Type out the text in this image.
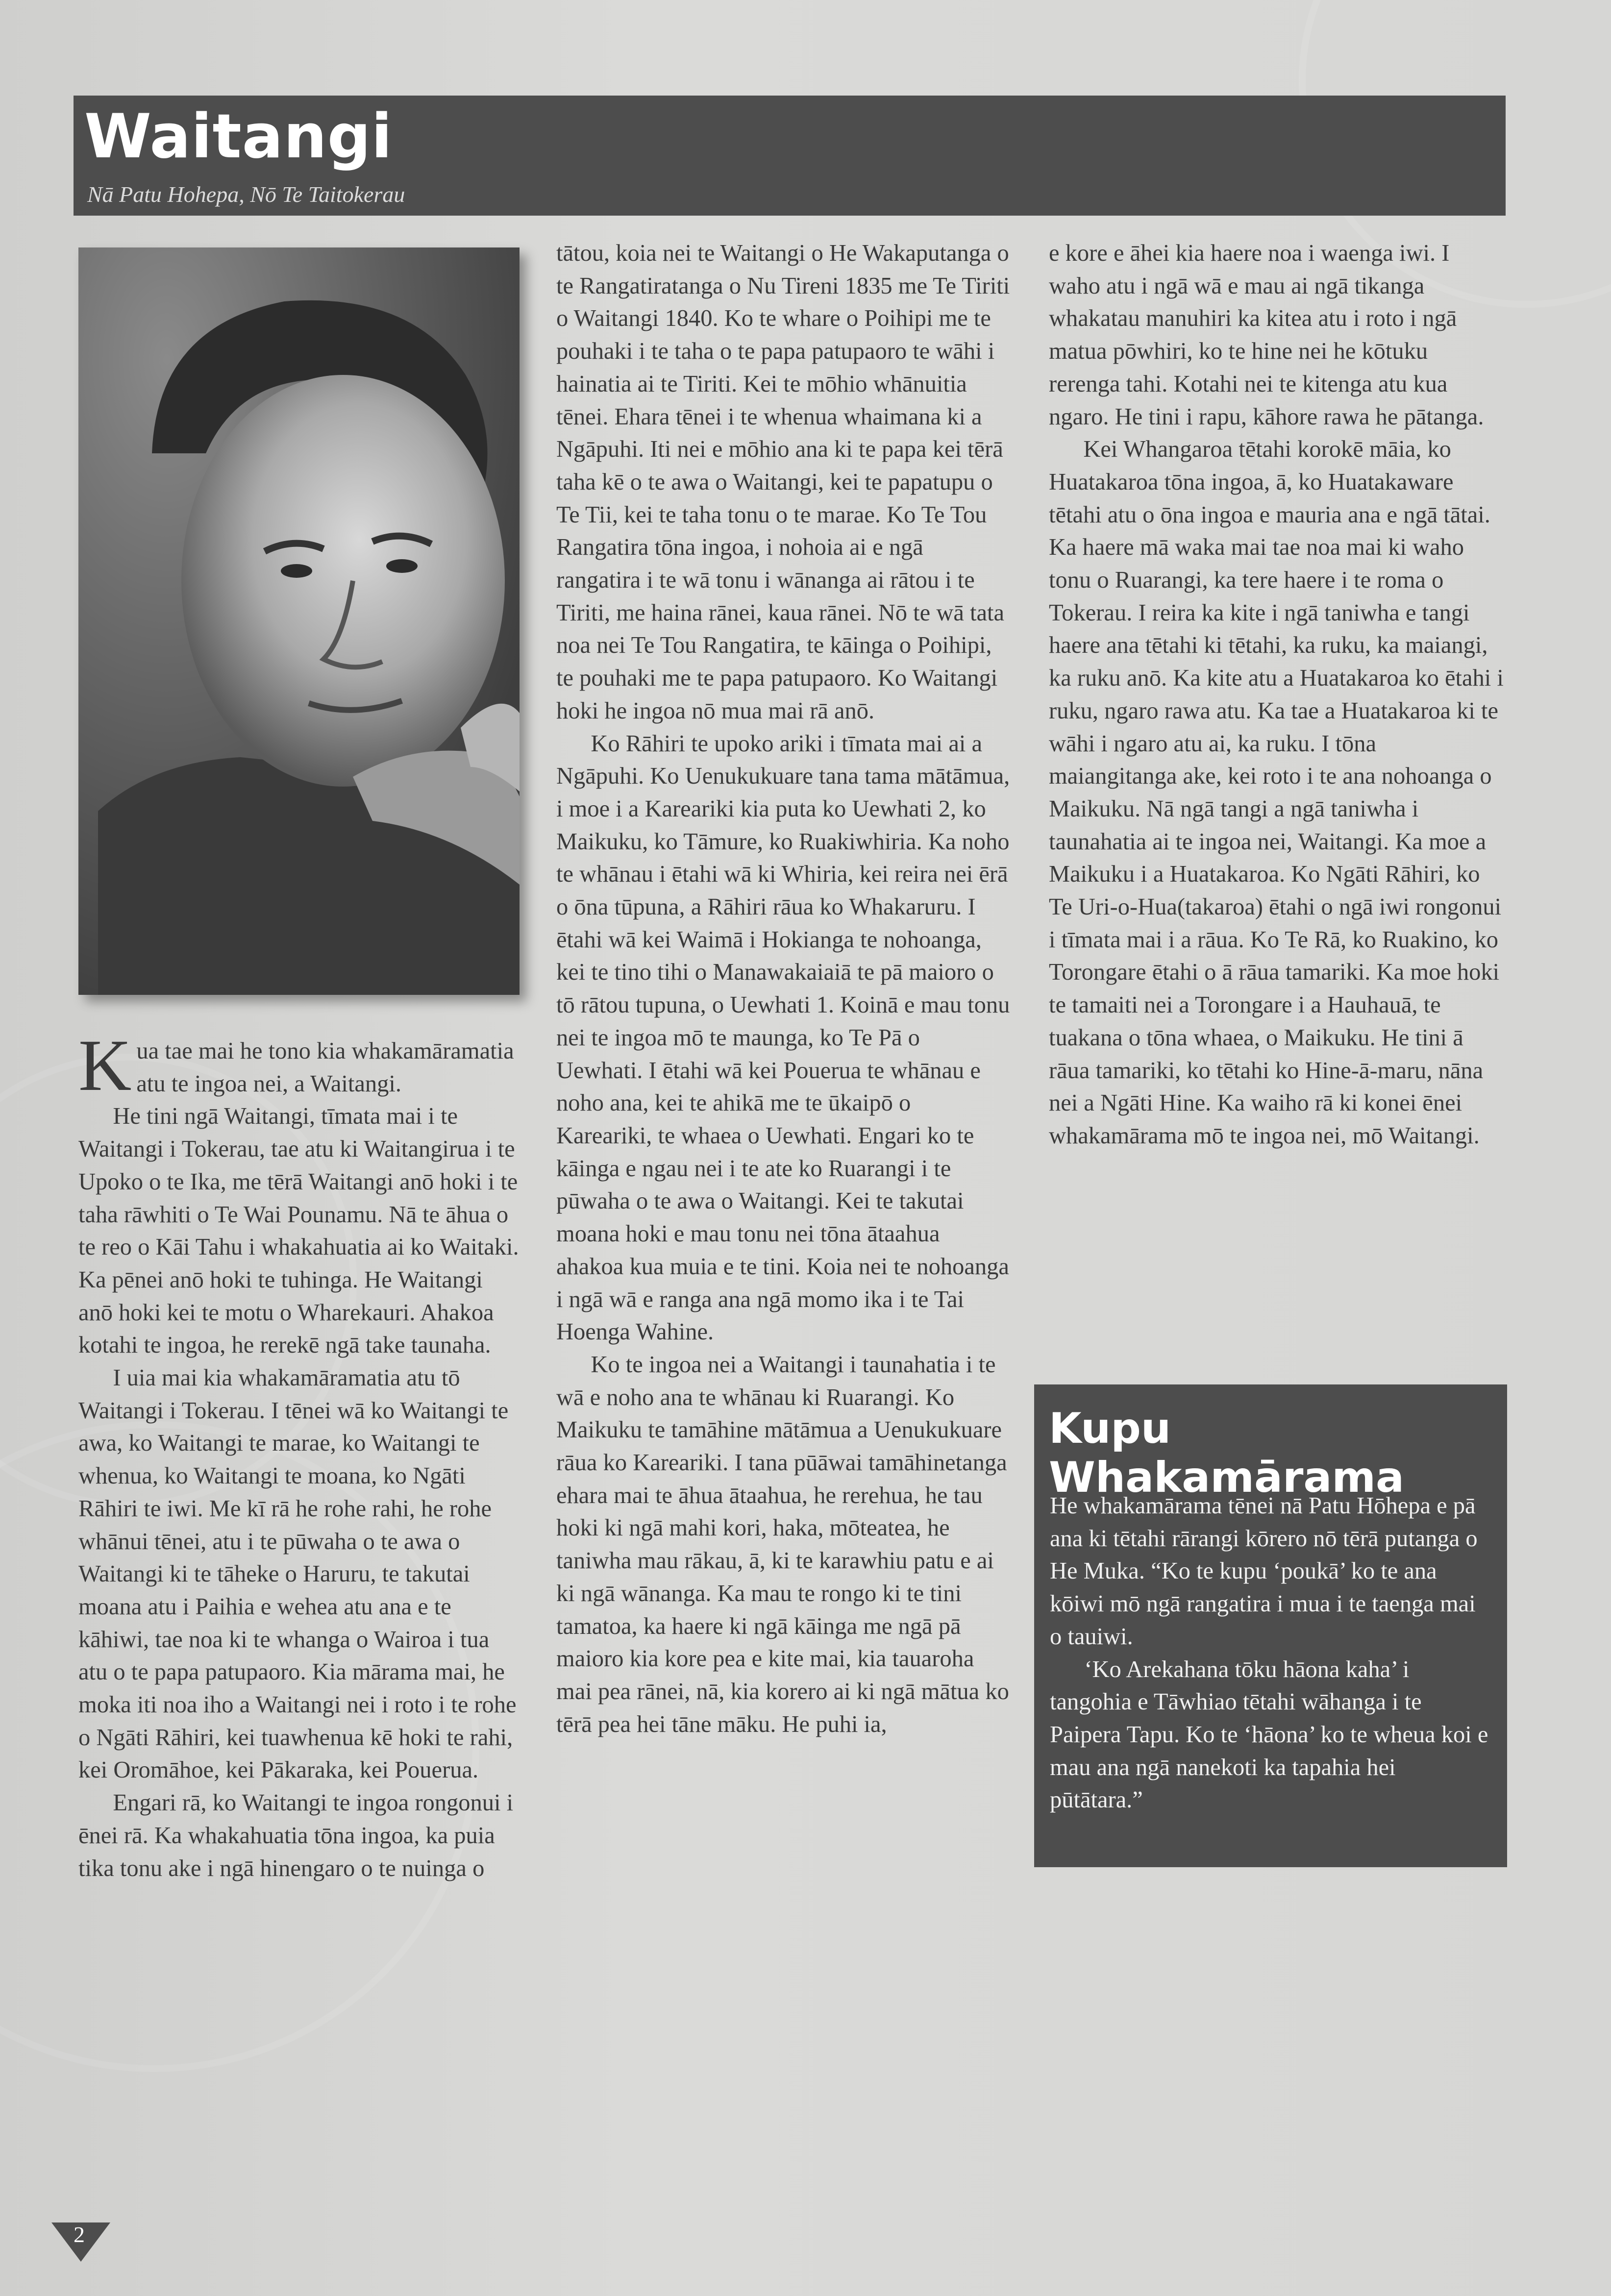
Waitangi
Nā Patu Hohepa, Nō Te Taitokerau

Kua tae mai he tono kia whakamāramatia atu te ingoa nei, a Waitangi.

He tini ngā Waitangi, tīmata mai i te Waitangi i Tokerau, tae atu ki Waitangirua i te Upoko o te Ika, me tērā Waitangi anō hoki i te taha rāwhiti o Te Wai Pounamu. Nā te āhua o te reo o Kāi Tahu i whakahuatia ai ko Waitaki. Ka pēnei anō hoki te tuhinga. He Waitangi anō hoki kei te motu o Wharekauri. Ahakoa kotahi te ingoa, he rerekē ngā take taunaha.

I uia mai kia whakamāramatia atu tō Waitangi i Tokerau. I tēnei wā ko Waitangi te awa, ko Waitangi te marae, ko Waitangi te whenua, ko Waitangi te moana, ko Ngāti Rāhiri te iwi. Me kī rā he rohe rahi, he rohe whānui tēnei, atu i te pūwaha o te awa o Waitangi ki te tāheke o Haruru, te takutai moana atu i Paihia e wehea atu ana e te kāhiwi, tae noa ki te whanga o Wairoa i tua atu o te papa patupaoro. Kia mārama mai, he moka iti noa iho a Waitangi nei i roto i te rohe o Ngāti Rāhiri, kei tuawhenua kē hoki te rahi, kei Oromāhoe, kei Pākaraka, kei Pouerua.

Engari rā, ko Waitangi te ingoa rongonui i ēnei rā. Ka whakahuatia tōna ingoa, ka puia tika tonu ake i ngā hinengaro o te nuinga o

tātou, koia nei te Waitangi o He Wakaputanga o te Rangatiratanga o Nu Tireni 1835 me Te Tiriti o Waitangi 1840. Ko te whare o Poihipi me te pouhaki i te taha o te papa patupaoro te wāhi i hainatia ai te Tiriti. Kei te mōhio whānuitia tēnei. Ehara tēnei i te whenua whaimana ki a Ngāpuhi. Iti nei e mōhio ana ki te papa kei tērā taha kē o te awa o Waitangi, kei te papatupu o Te Tii, kei te taha tonu o te marae. Ko Te Tou Rangatira tōna ingoa, i nohoia ai e ngā rangatira i te wā tonu i wānanga ai rātou i te Tiriti, me haina rānei, kaua rānei. Nō te wā tata noa nei Te Tou Rangatira, te kāinga o Poihipi, te pouhaki me te papa patupaoro. Ko Waitangi hoki he ingoa nō mua mai rā anō.

Ko Rāhiri te upoko ariki i tīmata mai ai a Ngāpuhi. Ko Uenukukuare tana tama mātāmua, i moe i a Kareariki kia puta ko Uewhati 2, ko Maikuku, ko Tāmure, ko Ruakiwhiria. Ka noho te whānau i ētahi wā ki Whiria, kei reira nei ērā o ōna tūpuna, a Rāhiri rāua ko Whakaruru. I ētahi wā kei Waimā i Hokianga te nohoanga, kei te tino tihi o Manawakaiaiā te pā maioro o tō rātou tupuna, o Uewhati 1. Koinā e mau tonu nei te ingoa mō te maunga, ko Te Pā o Uewhati. I ētahi wā kei Pouerua te whānau e noho ana, kei te ahikā me te ūkaipō o Kareariki, te whaea o Uewhati. Engari ko te kāinga e ngau nei i te ate ko Ruarangi i te pūwaha o te awa o Waitangi. Kei te takutai moana hoki e mau tonu nei tōna ātaahua ahakoa kua muia e te tini. Koia nei te nohoanga i ngā wā e ranga ana ngā momo ika i te Tai Hoenga Wahine.

Ko te ingoa nei a Waitangi i taunahatia i te wā e noho ana te whānau ki Ruarangi. Ko Maikuku te tamāhine mātāmua a Uenukukuare rāua ko Kareariki. I tana pūāwai tamāhinetanga ehara mai te āhua ātaahua, he rerehua, he tau hoki ki ngā mahi kori, haka, mōteatea, he taniwha mau rākau, ā, ki te karawhiu patu e ai ki ngā wānanga. Ka mau te rongo ki te tini tamatoa, ka haere ki ngā kāinga me ngā pā maioro kia kore pea e kite mai, kia tauaroha mai pea rānei, nā, kia korero ai ki ngā mātua ko tērā pea hei tāne māku. He puhi ia,

e kore e āhei kia haere noa i waenga iwi. I waho atu i ngā wā e mau ai ngā tikanga whakatau manuhiri ka kitea atu i roto i ngā matua pōwhiri, ko te hine nei he kōtuku rerenga tahi. Kotahi nei te kitenga atu kua ngaro. He tini i rapu, kāhore rawa he pātanga.

Kei Whangaroa tētahi korokē māia, ko Huatakaroa tōna ingoa, ā, ko Huatakaware tētahi atu o ōna ingoa e mauria ana e ngā tātai. Ka haere mā waka mai tae noa mai ki waho tonu o Ruarangi, ka tere haere i te roma o Tokerau. I reira ka kite i ngā taniwha e tangi haere ana tētahi ki tētahi, ka ruku, ka maiangi, ka ruku anō. Ka kite atu a Huatakaroa ko ētahi i ruku, ngaro rawa atu. Ka tae a Huatakaroa ki te wāhi i ngaro atu ai, ka ruku. I tōna maiangitanga ake, kei roto i te ana nohoanga o Maikuku. Nā ngā tangi a ngā taniwha i taunahatia ai te ingoa nei, Waitangi. Ka moe a Maikuku i a Huatakaroa. Ko Ngāti Rāhiri, ko Te Uri-o-Hua(takaroa) ētahi o ngā iwi rongonui i tīmata mai i a rāua. Ko Te Rā, ko Ruakino, ko Torongare ētahi o ā rāua tamariki. Ka moe hoki te tamaiti nei a Torongare i a Hauhauā, te tuakana o tōna whaea, o Maikuku. He tini ā rāua tamariki, ko tētahi ko Hine-ā-maru, nāna nei a Ngāti Hine. Ka waiho rā ki konei ēnei whakamārama mō te ingoa nei, mō Waitangi.

Kupu Whakamārama

He whakamārama tēnei nā Patu Hōhepa e pā ana ki tētahi rārangi kōrero nō tērā putanga o He Muka. “Ko te kupu ‘poukā’ ko te ana kōiwi mō ngā rangatira i mua i te taenga mai o tauiwi.

‘Ko Arekahana tōku hāona kaha’ i tangohia e Tāwhiao tētahi wāhanga i te Paipera Tapu. Ko te ‘hāona’ ko te wheua koi e mau ana ngā nanekoti ka tapahia hei pūtātara.”

2
